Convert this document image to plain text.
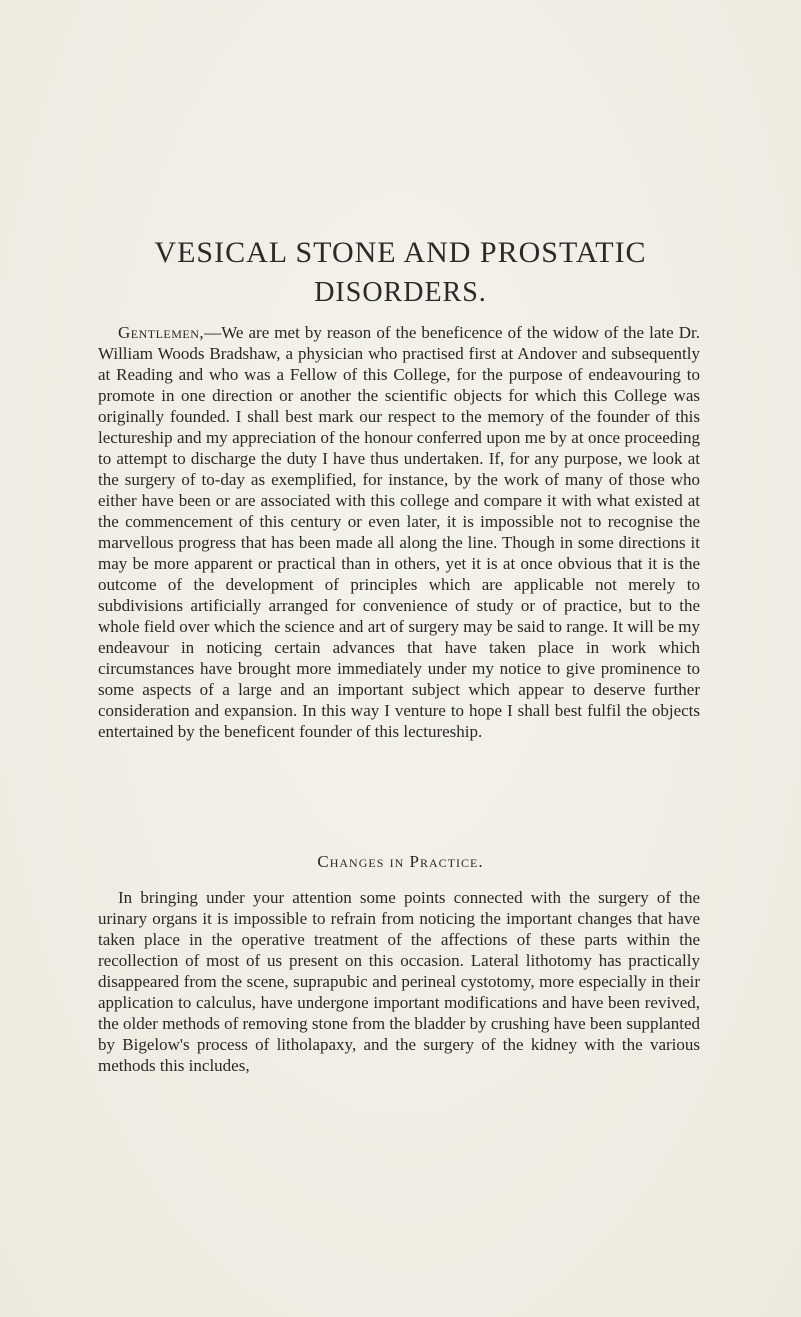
VESICAL STONE AND PROSTATIC
DISORDERS.
Gentlemen,—We are met by reason of the beneficence of the widow of the late Dr. William Woods Bradshaw, a physician who practised first at Andover and subsequently at Reading and who was a Fellow of this College, for the purpose of endeavouring to promote in one direction or another the scientific objects for which this College was originally founded. I shall best mark our respect to the memory of the founder of this lectureship and my appreciation of the honour conferred upon me by at once proceeding to attempt to discharge the duty I have thus undertaken. If, for any purpose, we look at the surgery of to-day as exemplified, for instance, by the work of many of those who either have been or are associated with this college and compare it with what existed at the commencement of this century or even later, it is impossible not to recognise the marvellous progress that has been made all along the line. Though in some directions it may be more apparent or practical than in others, yet it is at once obvious that it is the outcome of the development of principles which are applicable not merely to subdivisions artificially arranged for convenience of study or of practice, but to the whole field over which the science and art of surgery may be said to range. It will be my endeavour in noticing certain advances that have taken place in work which circumstances have brought more immediately under my notice to give prominence to some aspects of a large and an important subject which appear to deserve further consideration and expansion. In this way I venture to hope I shall best fulfil the objects entertained by the beneficent founder of this lectureship.
Changes in Practice.
In bringing under your attention some points connected with the surgery of the urinary organs it is impossible to refrain from noticing the important changes that have taken place in the operative treatment of the affections of these parts within the recollection of most of us present on this occasion. Lateral lithotomy has practically disappeared from the scene, suprapubic and perineal cystotomy, more especially in their application to calculus, have undergone important modifications and have been revived, the older methods of removing stone from the bladder by crushing have been supplanted by Bigelow's process of litholapaxy, and the surgery of the kidney with the various methods this includes,
